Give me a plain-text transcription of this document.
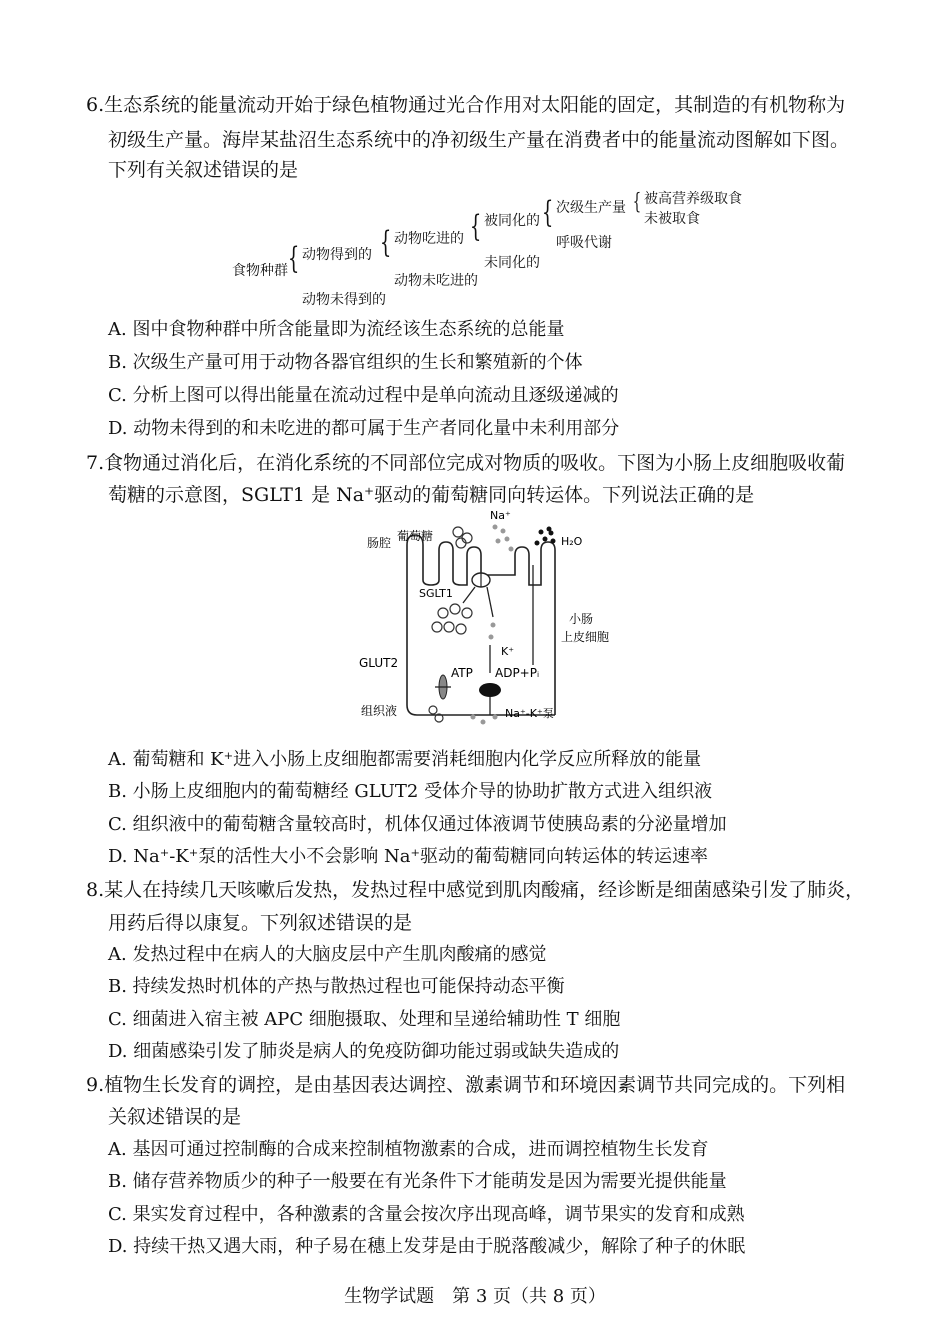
6.生态系统的能量流动开始于绿色植物通过光合作用对太阳能的固定，其制造的有机物称为
初级生产量。海岸某盐沼生态系统中的净初级生产量在消费者中的能量流动图解如下图。
下列有关叙述错误的是
食物种群 { 动物得到的
动物未得到的
{ 动物吃进的
动物未吃进的
{ 被同化的
未同化的
{ 次级生产量
呼吸代谢
{ 被高营养级取食
未被取食
A. 图中食物种群中所含能量即为流经该生态系统的总能量
B. 次级生产量可用于动物各器官组织的生长和繁殖新的个体
C. 分析上图可以得出能量在流动过程中是单向流动且逐级递减的
D. 动物未得到的和未吃进的都可属于生产者同化量中未利用部分
7.食物通过消化后，在消化系统的不同部位完成对物质的吸收。下图为小肠上皮细胞吸收葡
萄糖的示意图，SGLT1 是 Na⁺驱动的葡萄糖同向转运体。下列说法正确的是
肠腔 葡萄糖
Na⁺
H₂O
SGLT1
K⁺
小肠
上皮细胞
GLUT2
ATP ADP+Pᵢ
组织液	Na⁺-K⁺泵
A. 葡萄糖和 K⁺进入小肠上皮细胞都需要消耗细胞内化学反应所释放的能量
B. 小肠上皮细胞内的葡萄糖经 GLUT2 受体介导的协助扩散方式进入组织液
C. 组织液中的葡萄糖含量较高时，机体仅通过体液调节使胰岛素的分泌量增加
D. Na⁺-K⁺泵的活性大小不会影响 Na⁺驱动的葡萄糖同向转运体的转运速率
8.某人在持续几天咳嗽后发热，发热过程中感觉到肌肉酸痛，经诊断是细菌感染引发了肺炎，
用药后得以康复。下列叙述错误的是
A. 发热过程中在病人的大脑皮层中产生肌肉酸痛的感觉
B. 持续发热时机体的产热与散热过程也可能保持动态平衡
C. 细菌进入宿主被 APC 细胞摄取、处理和呈递给辅助性 T 细胞
D. 细菌感染引发了肺炎是病人的免疫防御功能过弱或缺失造成的
9.植物生长发育的调控，是由基因表达调控、激素调节和环境因素调节共同完成的。下列相
关叙述错误的是
A. 基因可通过控制酶的合成来控制植物激素的合成，进而调控植物生长发育
B. 储存营养物质少的种子一般要在有光条件下才能萌发是因为需要光提供能量
C. 果实发育过程中，各种激素的含量会按次序出现高峰，调节果实的发育和成熟
D. 持续干热又遇大雨，种子易在穗上发芽是由于脱落酸减少，解除了种子的休眠
生物学试题　第 3 页（共 8 页）
